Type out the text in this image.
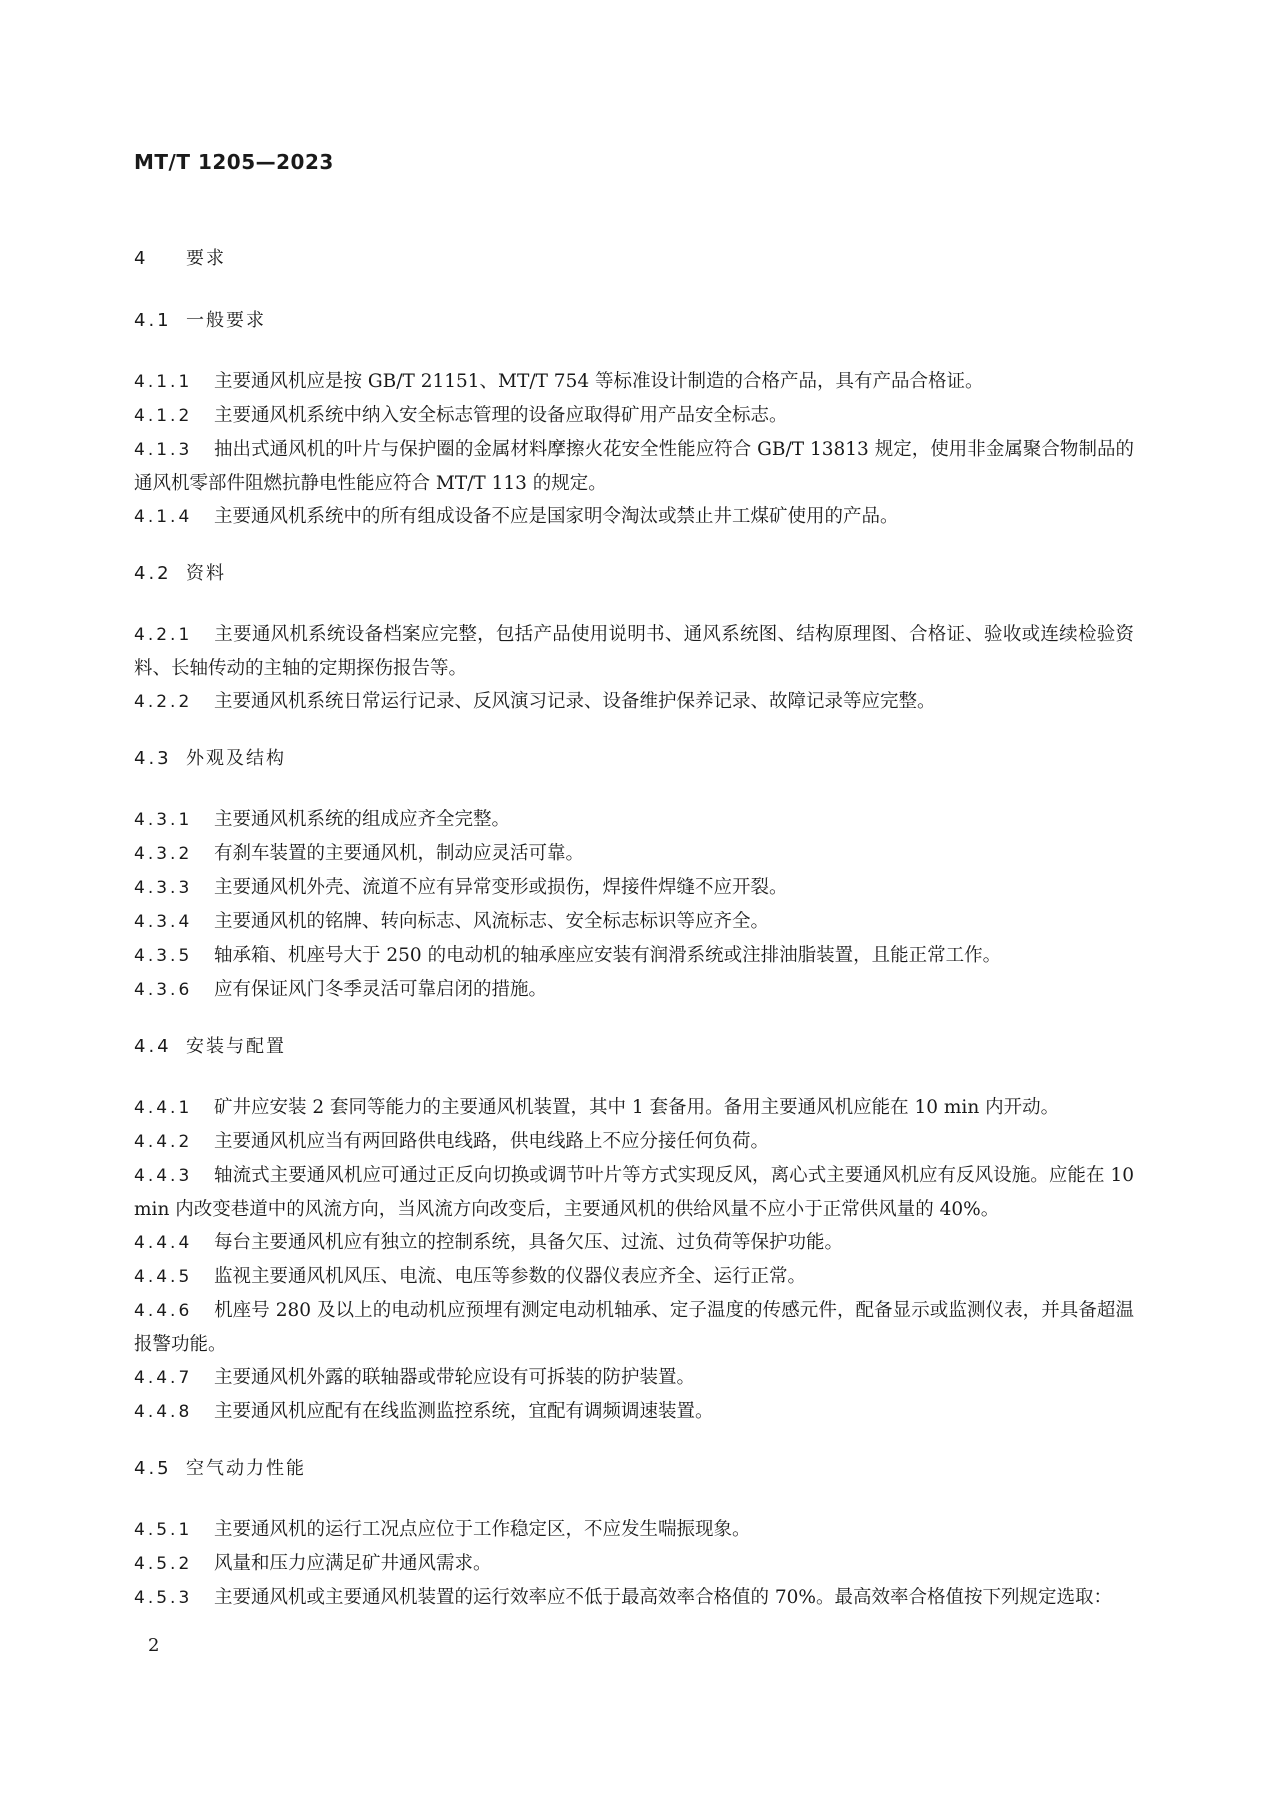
MT/T 1205—2023
4 要求
4.1 一般要求

4.1.1 主要通风机应是按 GB/T 21151、MT/T 754 等标准设计制造的合格产品，具有产品合格证。

4.1.2 主要通风机系统中纳入安全标志管理的设备应取得矿用产品安全标志。

4.1.3 抽出式通风机的叶片与保护圈的金属材料摩擦火花安全性能应符合 GB/T 13813 规定，使用非金属聚合物制品的通风机零部件阻燃抗静电性能应符合 MT/T 113 的规定。

4.1.4 主要通风机系统中的所有组成设备不应是国家明令淘汰或禁止井工煤矿使用的产品。

4.2 资料

4.2.1 主要通风机系统设备档案应完整，包括产品使用说明书、通风系统图、结构原理图、合格证、验收或连续检验资料、长轴传动的主轴的定期探伤报告等。

4.2.2 主要通风机系统日常运行记录、反风演习记录、设备维护保养记录、故障记录等应完整。

4.3 外观及结构

4.3.1 主要通风机系统的组成应齐全完整。

4.3.2 有刹车装置的主要通风机，制动应灵活可靠。

4.3.3 主要通风机外壳、流道不应有异常变形或损伤，焊接件焊缝不应开裂。

4.3.4 主要通风机的铭牌、转向标志、风流标志、安全标志标识等应齐全。

4.3.5 轴承箱、机座号大于 250 的电动机的轴承座应安装有润滑系统或注排油脂装置，且能正常工作。

4.3.6 应有保证风门冬季灵活可靠启闭的措施。

4.4 安装与配置

4.4.1 矿井应安装 2 套同等能力的主要通风机装置，其中 1 套备用。备用主要通风机应能在 10 min 内开动。

4.4.2 主要通风机应当有两回路供电线路，供电线路上不应分接任何负荷。

4.4.3 轴流式主要通风机应可通过正反向切换或调节叶片等方式实现反风，离心式主要通风机应有反风设施。应能在 10 min 内改变巷道中的风流方向，当风流方向改变后，主要通风机的供给风量不应小于正常供风量的 40%。

4.4.4 每台主要通风机应有独立的控制系统，具备欠压、过流、过负荷等保护功能。

4.4.5 监视主要通风机风压、电流、电压等参数的仪器仪表应齐全、运行正常。

4.4.6 机座号 280 及以上的电动机应预埋有测定电动机轴承、定子温度的传感元件，配备显示或监测仪表，并具备超温报警功能。

4.4.7 主要通风机外露的联轴器或带轮应设有可拆装的防护装置。

4.4.8 主要通风机应配有在线监测监控系统，宜配有调频调速装置。

4.5 空气动力性能

4.5.1 主要通风机的运行工况点应位于工作稳定区，不应发生喘振现象。

4.5.2 风量和压力应满足矿井通风需求。

4.5.3 主要通风机或主要通风机装置的运行效率应不低于最高效率合格值的 70%。最高效率合格值按下列规定选取：

2
